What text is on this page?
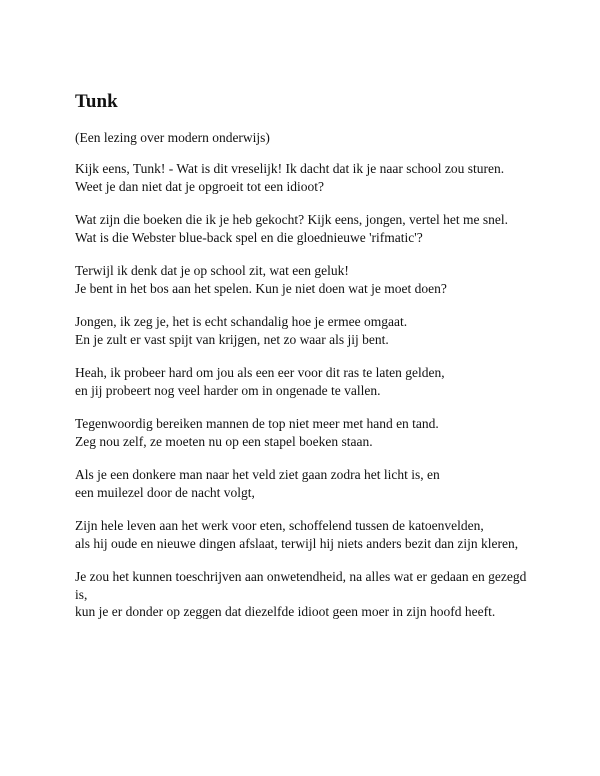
Tunk

(Een lezing over modern onderwijs)

Kijk eens, Tunk! - Wat is dit vreselijk! Ik dacht dat ik je naar school zou sturen.
Weet je dan niet dat je opgroeit tot een idioot?
Wat zijn die boeken die ik je heb gekocht? Kijk eens, jongen, vertel het me snel.
Wat is die Webster blue-back spel en die gloednieuwe 'rifmatic'?
Terwijl ik denk dat je op school zit, wat een geluk!
Je bent in het bos aan het spelen. Kun je niet doen wat je moet doen?
Jongen, ik zeg je, het is echt schandalig hoe je ermee omgaat.
En je zult er vast spijt van krijgen, net zo waar als jij bent.
Heah, ik probeer hard om jou als een eer voor dit ras te laten gelden,
en jij probeert nog veel harder om in ongenade te vallen.
Tegenwoordig bereiken mannen de top niet meer met hand en tand.
Zeg nou zelf, ze moeten nu op een stapel boeken staan.
Als je een donkere man naar het veld ziet gaan zodra het licht is, en
een muilezel door de nacht volgt,
Zijn hele leven aan het werk voor eten, schoffelend tussen de katoenvelden,
als hij oude en nieuwe dingen afslaat, terwijl hij niets anders bezit dan zijn kleren,
Je zou het kunnen toeschrijven aan onwetendheid, na alles wat er gedaan en gezegd is,
kun je er donder op zeggen dat diezelfde idioot geen moer in zijn hoofd heeft.
